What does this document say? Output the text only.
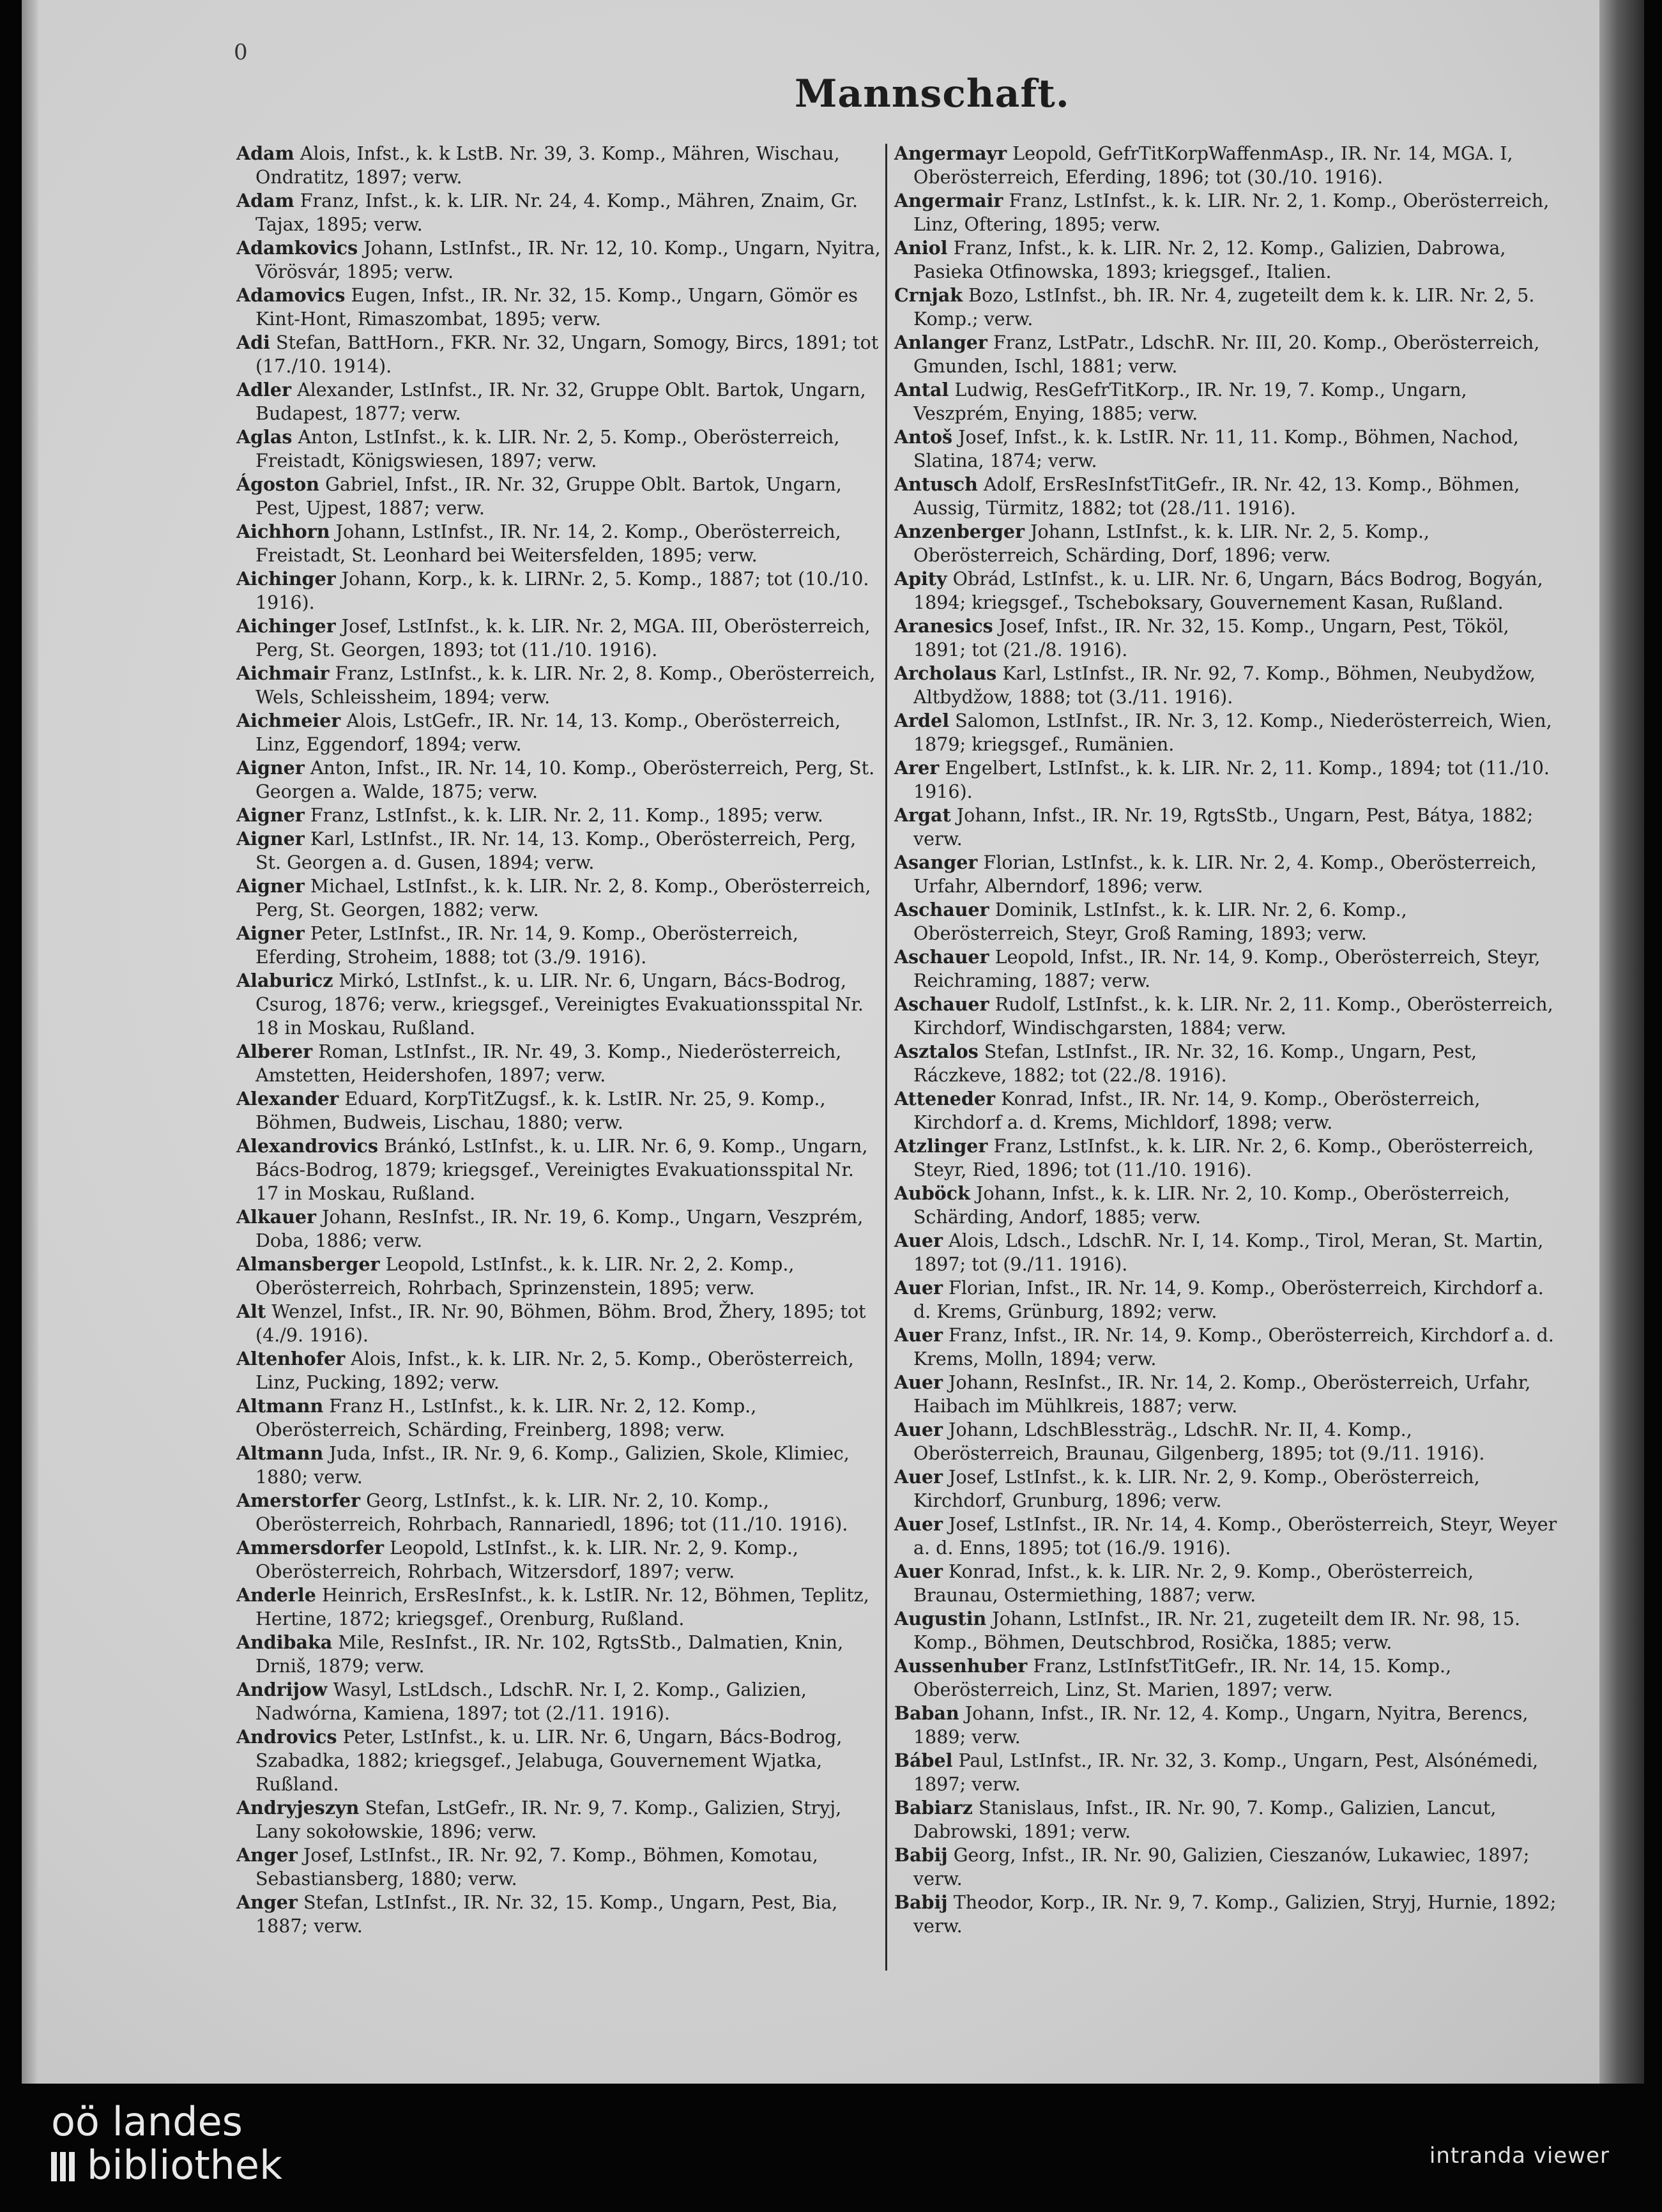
0
Mannschaft.

Adam Alois, Infst., k. k LstB. Nr. 39, 3. Komp., Mähren, Wischau, Ondratitz, 1897; verw.

Adam Franz, Infst., k. k. LIR. Nr. 24, 4. Komp., Mähren, Znaim, Gr. Tajax, 1895; verw.

Adamkovics Johann, LstInfst., IR. Nr. 12, 10. Komp., Ungarn, Nyitra, Vörösvár, 1895; verw.

Adamovics Eugen, Infst., IR. Nr. 32, 15. Komp., Ungarn, Gömör es Kint-Hont, Rimaszombat, 1895; verw.

Adi Stefan, BattHorn., FKR. Nr. 32, Ungarn, Somogy, Bircs, 1891; tot (17./10. 1914).

Adler Alexander, LstInfst., IR. Nr. 32, Gruppe Oblt. Bartok, Ungarn, Budapest, 1877; verw.

Aglas Anton, LstInfst., k. k. LIR. Nr. 2, 5. Komp., Oberösterreich, Freistadt, Königswiesen, 1897; verw.

Ágoston Gabriel, Infst., IR. Nr. 32, Gruppe Oblt. Bartok, Ungarn, Pest, Ujpest, 1887; verw.

Aichhorn Johann, LstInfst., IR. Nr. 14, 2. Komp., Oberösterreich, Freistadt, St. Leonhard bei Weitersfelden, 1895; verw.

Aichinger Johann, Korp., k. k. LIRNr. 2, 5. Komp., 1887; tot (10./10. 1916).

Aichinger Josef, LstInfst., k. k. LIR. Nr. 2, MGA. III, Oberösterreich, Perg, St. Georgen, 1893; tot (11./10. 1916).

Aichmair Franz, LstInfst., k. k. LIR. Nr. 2, 8. Komp., Oberösterreich, Wels, Schleissheim, 1894; verw.

Aichmeier Alois, LstGefr., IR. Nr. 14, 13. Komp., Oberösterreich, Linz, Eggendorf, 1894; verw.

Aigner Anton, Infst., IR. Nr. 14, 10. Komp., Oberösterreich, Perg, St. Georgen a. Walde, 1875; verw.

Aigner Franz, LstInfst., k. k. LIR. Nr. 2, 11. Komp., 1895; verw.

Aigner Karl, LstInfst., IR. Nr. 14, 13. Komp., Oberösterreich, Perg, St. Georgen a. d. Gusen, 1894; verw.

Aigner Michael, LstInfst., k. k. LIR. Nr. 2, 8. Komp., Oberösterreich, Perg, St. Georgen, 1882; verw.

Aigner Peter, LstInfst., IR. Nr. 14, 9. Komp., Oberösterreich, Eferding, Stroheim, 1888; tot (3./9. 1916).

Alaburicz Mirkó, LstInfst., k. u. LIR. Nr. 6, Ungarn, Bács-Bodrog, Csurog, 1876; verw., kriegsgef., Vereinigtes Evakuationsspital Nr. 18 in Moskau, Rußland.

Alberer Roman, LstInfst., IR. Nr. 49, 3. Komp., Niederösterreich, Amstetten, Heidershofen, 1897; verw.

Alexander Eduard, KorpTitZugsf., k. k. LstIR. Nr. 25, 9. Komp., Böhmen, Budweis, Lischau, 1880; verw.

Alexandrovics Bránkó, LstInfst., k. u. LIR. Nr. 6, 9. Komp., Ungarn, Bács-Bodrog, 1879; kriegsgef., Vereinigtes Evakuationsspital Nr. 17 in Moskau, Rußland.

Alkauer Johann, ResInfst., IR. Nr. 19, 6. Komp., Ungarn, Veszprém, Doba, 1886; verw.

Almansberger Leopold, LstInfst., k. k. LIR. Nr. 2, 2. Komp., Oberösterreich, Rohrbach, Sprinzenstein, 1895; verw.

Alt Wenzel, Infst., IR. Nr. 90, Böhmen, Böhm. Brod, Žhery, 1895; tot (4./9. 1916).

Altenhofer Alois, Infst., k. k. LIR. Nr. 2, 5. Komp., Oberösterreich, Linz, Pucking, 1892; verw.

Altmann Franz H., LstInfst., k. k. LIR. Nr. 2, 12. Komp., Oberösterreich, Schärding, Freinberg, 1898; verw.

Altmann Juda, Infst., IR. Nr. 9, 6. Komp., Galizien, Skole, Klimiec, 1880; verw.

Amerstorfer Georg, LstInfst., k. k. LIR. Nr. 2, 10. Komp., Oberösterreich, Rohrbach, Rannariedl, 1896; tot (11./10. 1916).

Ammersdorfer Leopold, LstInfst., k. k. LIR. Nr. 2, 9. Komp., Oberösterreich, Rohrbach, Witzersdorf, 1897; verw.

Anderle Heinrich, ErsResInfst., k. k. LstIR. Nr. 12, Böhmen, Teplitz, Hertine, 1872; kriegsgef., Orenburg, Rußland.

Andibaka Mile, ResInfst., IR. Nr. 102, RgtsStb., Dalmatien, Knin, Drniš, 1879; verw.

Andrijow Wasyl, LstLdsch., LdschR. Nr. I, 2. Komp., Galizien, Nadwórna, Kamiena, 1897; tot (2./11. 1916).

Androvics Peter, LstInfst., k. u. LIR. Nr. 6, Ungarn, Bács-Bodrog, Szabadka, 1882; kriegsgef., Jelabuga, Gouvernement Wjatka, Rußland.

Andryjeszyn Stefan, LstGefr., IR. Nr. 9, 7. Komp., Galizien, Stryj, Lany sokołowskie, 1896; verw.

Anger Josef, LstInfst., IR. Nr. 92, 7. Komp., Böhmen, Komotau, Sebastiansberg, 1880; verw.

Anger Stefan, LstInfst., IR. Nr. 32, 15. Komp., Ungarn, Pest, Bia, 1887; verw.

Angermayr Leopold, GefrTitKorpWaffenmAsp., IR. Nr. 14, MGA. I, Oberösterreich, Eferding, 1896; tot (30./10. 1916).

Angermair Franz, LstInfst., k. k. LIR. Nr. 2, 1. Komp., Oberösterreich, Linz, Oftering, 1895; verw.

Aniol Franz, Infst., k. k. LIR. Nr. 2, 12. Komp., Galizien, Dabrowa, Pasieka Otfinowska, 1893; kriegsgef., Italien.

Crnjak Bozo, LstInfst., bh. IR. Nr. 4, zugeteilt dem k. k. LIR. Nr. 2, 5. Komp.; verw.

Anlanger Franz, LstPatr., LdschR. Nr. III, 20. Komp., Oberösterreich, Gmunden, Ischl, 1881; verw.

Antal Ludwig, ResGefrTitKorp., IR. Nr. 19, 7. Komp., Ungarn, Veszprém, Enying, 1885; verw.

Antoš Josef, Infst., k. k. LstIR. Nr. 11, 11. Komp., Böhmen, Nachod, Slatina, 1874; verw.

Antusch Adolf, ErsResInfstTitGefr., IR. Nr. 42, 13. Komp., Böhmen, Aussig, Türmitz, 1882; tot (28./11. 1916).

Anzenberger Johann, LstInfst., k. k. LIR. Nr. 2, 5. Komp., Oberösterreich, Schärding, Dorf, 1896; verw.

Apity Obrád, LstInfst., k. u. LIR. Nr. 6, Ungarn, Bács Bodrog, Bogyán, 1894; kriegsgef., Tscheboksary, Gouvernement Kasan, Rußland.

Aranesics Josef, Infst., IR. Nr. 32, 15. Komp., Ungarn, Pest, Tököl, 1891; tot (21./8. 1916).

Archolaus Karl, LstInfst., IR. Nr. 92, 7. Komp., Böhmen, Neubydžow, Altbydžow, 1888; tot (3./11. 1916).

Ardel Salomon, LstInfst., IR. Nr. 3, 12. Komp., Niederösterreich, Wien, 1879; kriegsgef., Rumänien.

Arer Engelbert, LstInfst., k. k. LIR. Nr. 2, 11. Komp., 1894; tot (11./10. 1916).

Argat Johann, Infst., IR. Nr. 19, RgtsStb., Ungarn, Pest, Bátya, 1882; verw.

Asanger Florian, LstInfst., k. k. LIR. Nr. 2, 4. Komp., Oberösterreich, Urfahr, Alberndorf, 1896; verw.

Aschauer Dominik, LstInfst., k. k. LIR. Nr. 2, 6. Komp., Oberösterreich, Steyr, Groß Raming, 1893; verw.

Aschauer Leopold, Infst., IR. Nr. 14, 9. Komp., Oberösterreich, Steyr, Reichraming, 1887; verw.

Aschauer Rudolf, LstInfst., k. k. LIR. Nr. 2, 11. Komp., Oberösterreich, Kirchdorf, Windischgarsten, 1884; verw.

Asztalos Stefan, LstInfst., IR. Nr. 32, 16. Komp., Ungarn, Pest, Ráczkeve, 1882; tot (22./8. 1916).

Atteneder Konrad, Infst., IR. Nr. 14, 9. Komp., Oberösterreich, Kirchdorf a. d. Krems, Michldorf, 1898; verw.

Atzlinger Franz, LstInfst., k. k. LIR. Nr. 2, 6. Komp., Oberösterreich, Steyr, Ried, 1896; tot (11./10. 1916).

Auböck Johann, Infst., k. k. LIR. Nr. 2, 10. Komp., Oberösterreich, Schärding, Andorf, 1885; verw.

Auer Alois, Ldsch., LdschR. Nr. I, 14. Komp., Tirol, Meran, St. Martin, 1897; tot (9./11. 1916).

Auer Florian, Infst., IR. Nr. 14, 9. Komp., Oberösterreich, Kirchdorf a. d. Krems, Grünburg, 1892; verw.

Auer Franz, Infst., IR. Nr. 14, 9. Komp., Oberösterreich, Kirchdorf a. d. Krems, Molln, 1894; verw.

Auer Johann, ResInfst., IR. Nr. 14, 2. Komp., Oberösterreich, Urfahr, Haibach im Mühlkreis, 1887; verw.

Auer Johann, LdschBlessträg., LdschR. Nr. II, 4. Komp., Oberösterreich, Braunau, Gilgenberg, 1895; tot (9./11. 1916).

Auer Josef, LstInfst., k. k. LIR. Nr. 2, 9. Komp., Oberösterreich, Kirchdorf, Grunburg, 1896; verw.

Auer Josef, LstInfst., IR. Nr. 14, 4. Komp., Oberösterreich, Steyr, Weyer a. d. Enns, 1895; tot (16./9. 1916).

Auer Konrad, Infst., k. k. LIR. Nr. 2, 9. Komp., Oberösterreich, Braunau, Ostermiething, 1887; verw.

Augustin Johann, LstInfst., IR. Nr. 21, zugeteilt dem IR. Nr. 98, 15. Komp., Böhmen, Deutschbrod, Rosička, 1885; verw.

Aussenhuber Franz, LstInfstTitGefr., IR. Nr. 14, 15. Komp., Oberösterreich, Linz, St. Marien, 1897; verw.

Baban Johann, Infst., IR. Nr. 12, 4. Komp., Ungarn, Nyitra, Berencs, 1889; verw.

Bábel Paul, LstInfst., IR. Nr. 32, 3. Komp., Ungarn, Pest, Alsónémedi, 1897; verw.

Babiarz Stanislaus, Infst., IR. Nr. 90, 7. Komp., Galizien, Lancut, Dabrowski, 1891; verw.

Babij Georg, Infst., IR. Nr. 90, Galizien, Cieszanów, Lukawiec, 1897; verw.

Babij Theodor, Korp., IR. Nr. 9, 7. Komp., Galizien, Stryj, Hurnie, 1892; verw.

oö landes
bibliothek	intranda viewer
